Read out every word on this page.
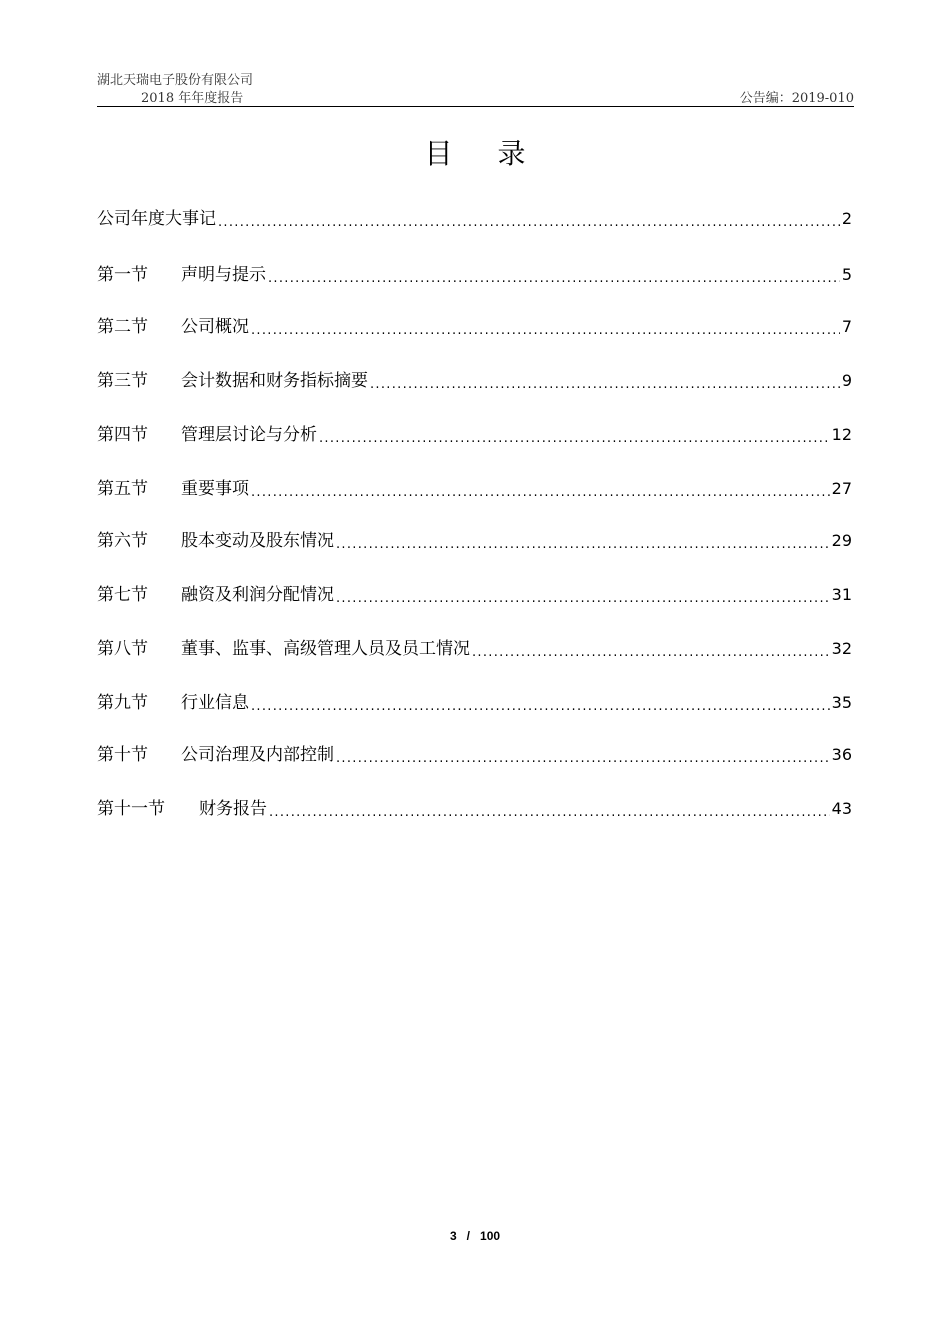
湖北天瑞电子股份有限公司
2018 年年度报告	公告编：2019-010
目 录
公司年度大事记 .....	2
第一节	声明与提示 .....	5
第二节	公司概况 .....	7
第三节	会计数据和财务指标摘要 .....	9
第四节	管理层讨论与分析 .....	12
第五节	重要事项 .....	27
第六节	股本变动及股东情况 .....	29
第七节	融资及利润分配情况 .....	31
第八节	董事、监事、高级管理人员及员工情况 .....	32
第九节	行业信息 .....	35
第十节	公司治理及内部控制 .....	36
第十一节	财务报告 .....	43
3 / 100
